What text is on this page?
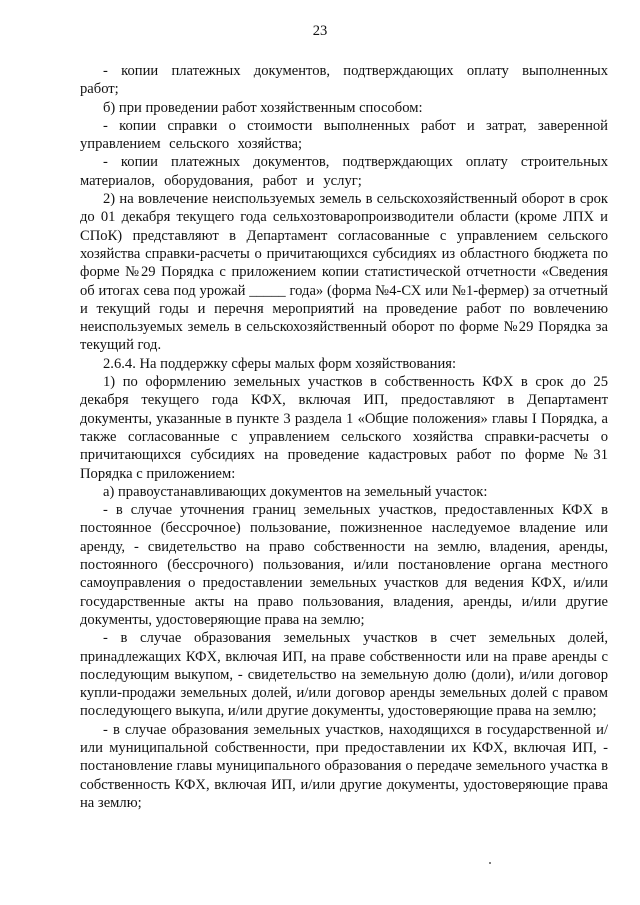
23

- копии платежных документов, подтверждающих оплату выполненных работ;

б) при проведении работ хозяйственным способом:

- копии справки о стоимости выполненных работ и затрат, заверенной управлением сельского хозяйства;

- копии платежных документов, подтверждающих оплату строительных материалов, оборудования, работ и услуг;

2) на вовлечение неиспользуемых земель в сельскохозяйственный оборот в срок до 01 декабря текущего года сельхозтоваропроизводители области (кроме ЛПХ и СПоК) представляют в Департамент согласованные с управлением сельского хозяйства справки-расчеты о причитающихся субсидиях из областного бюджета по форме №29 Порядка с приложением копии статистической отчетности «Сведения об итогах сева под урожай _____ года» (форма №4-СХ или №1-фермер) за отчетный и текущий годы и перечня мероприятий на проведение работ по вовлечению неиспользуемых земель в сельскохозяйственный оборот по форме №29 Порядка за текущий год.

2.6.4. На поддержку сферы малых форм хозяйствования:

1) по оформлению земельных участков в собственность КФХ в срок до 25 декабря текущего года КФХ, включая ИП, предоставляют в Департамент документы, указанные в пункте 3 раздела 1 «Общие положения» главы I Порядка, а также согласованные с управлением сельского хозяйства справки-расчеты о причитающихся субсидиях на проведение кадастровых работ по форме №31 Порядка с приложением:

а) правоустанавливающих документов на земельный участок:

- в случае уточнения границ земельных участков, предоставленных КФХ в постоянное (бессрочное) пользование, пожизненное наследуемое владение или аренду, - свидетельство на право собственности на землю, владения, аренды, постоянного (бессрочного) пользования, и/или постановление органа местного самоуправления о предоставлении земельных участков для ведения КФХ, и/или государственные акты на право пользования, владения, аренды, и/или другие документы, удостоверяющие права на землю;

- в случае образования земельных участков в счет земельных долей, принадлежащих КФХ, включая ИП, на праве собственности или на праве аренды с последующим выкупом, - свидетельство на земельную долю (доли), и/или договор купли-продажи земельных долей, и/или договор аренды земельных долей с правом последующего выкупа, и/или другие документы, удостоверяющие права на землю;

- в случае образования земельных участков, находящихся в государственной и/или муниципальной собственности, при предоставлении их КФХ, включая ИП, - постановление главы муниципального образования о передаче земельного участка в собственность КФХ, включая ИП, и/или другие документы, удостоверяющие права на землю;
